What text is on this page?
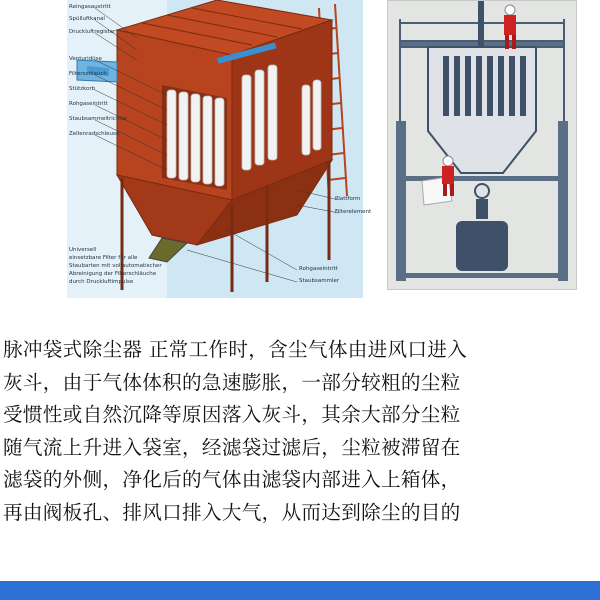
Reingasaustritt
Spülluftkanal
Druckluftregister
Venturidüse
Filterschlauch
Stützkorb
Rohgaseintritt
Staubsammeltrichter
Zellenradschleuse
Plattform
Filterelement
Universell
einsetzbare Filter für alle
Staubarten mit vollautomatischer
Abreinigung der Filterschläuche
durch Druckluftimpulse
Rohgaseintritt
Staubsammler
脉冲袋式除尘器 正常工作时，含尘气体由进风口进入
灰斗，由于气体体积的急速膨胀，一部分较粗的尘粒
受惯性或自然沉降等原因落入灰斗，其余大部分尘粒
随气流上升进入袋室，经滤袋过滤后，尘粒被滞留在
滤袋的外侧，净化后的气体由滤袋内部进入上箱体，
再由阀板孔、排风口排入大气，从而达到除尘的目的
